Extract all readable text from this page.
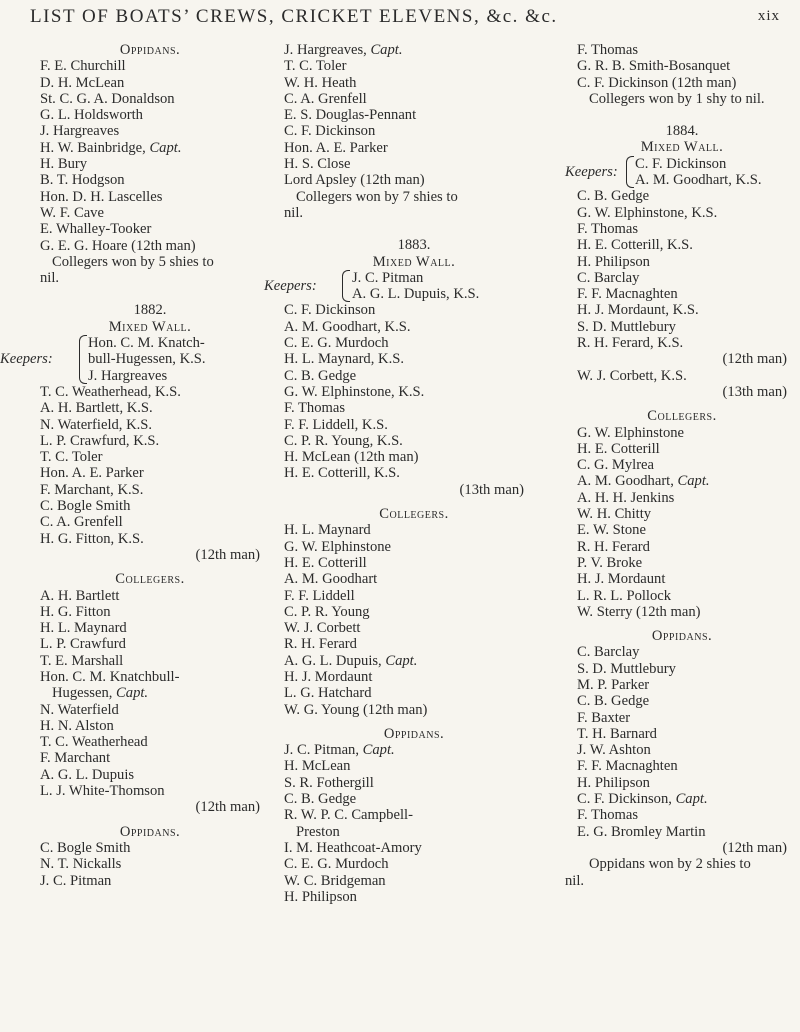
LIST OF BOATS’ CREWS, CRICKET ELEVENS, &c. &c.	xix
Oppidans.
F. E. Churchill
D. H. McLean
St. C. G. A. Donaldson
G. L. Holdsworth
J. Hargreaves
H. W. Bainbridge, Capt.
H. Bury
B. T. Hodgson
Hon. D. H. Lascelles
W. F. Cave
E. Whalley-Tooker
G. E. G. Hoare (12th man)
Collegers won by 5 shies to
nil.
1882.
Mixed Wall.
Keepers:
Hon. C. M. Knatch-
bull-Hugessen, K.S.
J. Hargreaves
T. C. Weatherhead, K.S.
A. H. Bartlett, K.S.
N. Waterfield, K.S.
L. P. Crawfurd, K.S.
T. C. Toler
Hon. A. E. Parker
F. Marchant, K.S.
C. Bogle Smith
C. A. Grenfell
H. G. Fitton, K.S.
(12th man)
Collegers.
A. H. Bartlett
H. G. Fitton
H. L. Maynard
L. P. Crawfurd
T. E. Marshall
Hon. C. M. Knatchbull-
Hugessen, Capt.
N. Waterfield
H. N. Alston
T. C. Weatherhead
F. Marchant
A. G. L. Dupuis
L. J. White-Thomson
(12th man)
Oppidans.
C. Bogle Smith
N. T. Nickalls
J. C. Pitman
J. Hargreaves, Capt.
T. C. Toler
W. H. Heath
C. A. Grenfell
E. S. Douglas-Pennant
C. F. Dickinson
Hon. A. E. Parker
H. S. Close
Lord Apsley (12th man)
Collegers won by 7 shies to
nil.
1883.
Mixed Wall.
Keepers:
J. C. Pitman
A. G. L. Dupuis, K.S.
C. F. Dickinson
A. M. Goodhart, K.S.
C. E. G. Murdoch
H. L. Maynard, K.S.
C. B. Gedge
G. W. Elphinstone, K.S.
F. Thomas
F. F. Liddell, K.S.
C. P. R. Young, K.S.
H. McLean (12th man)
H. E. Cotterill, K.S.
(13th man)
Collegers.
H. L. Maynard
G. W. Elphinstone
H. E. Cotterill
A. M. Goodhart
F. F. Liddell
C. P. R. Young
W. J. Corbett
R. H. Ferard
A. G. L. Dupuis, Capt.
H. J. Mordaunt
L. G. Hatchard
W. G. Young (12th man)
Oppidans.
J. C. Pitman, Capt.
H. McLean
S. R. Fothergill
C. B. Gedge
R. W. P. C. Campbell-
Preston
I. M. Heathcoat-Amory
C. E. G. Murdoch
W. C. Bridgeman
H. Philipson
F. Thomas
G. R. B. Smith-Bosanquet
C. F. Dickinson (12th man)
Collegers won by 1 shy to nil.
1884.
Mixed Wall.
Keepers:
C. F. Dickinson
A. M. Goodhart, K.S.
C. B. Gedge
G. W. Elphinstone, K.S.
F. Thomas
H. E. Cotterill, K.S.
H. Philipson
C. Barclay
F. F. Macnaghten
H. J. Mordaunt, K.S.
S. D. Muttlebury
R. H. Ferard, K.S.
(12th man)
W. J. Corbett, K.S.
(13th man)
Collegers.
G. W. Elphinstone
H. E. Cotterill
C. G. Mylrea
A. M. Goodhart, Capt.
A. H. H. Jenkins
W. H. Chitty
E. W. Stone
R. H. Ferard
P. V. Broke
H. J. Mordaunt
L. R. L. Pollock
W. Sterry (12th man)
Oppidans.
C. Barclay
S. D. Muttlebury
M. P. Parker
C. B. Gedge
F. Baxter
T. H. Barnard
J. W. Ashton
F. F. Macnaghten
H. Philipson
C. F. Dickinson, Capt.
F. Thomas
E. G. Bromley Martin
(12th man)
Oppidans won by 2 shies to
nil.
